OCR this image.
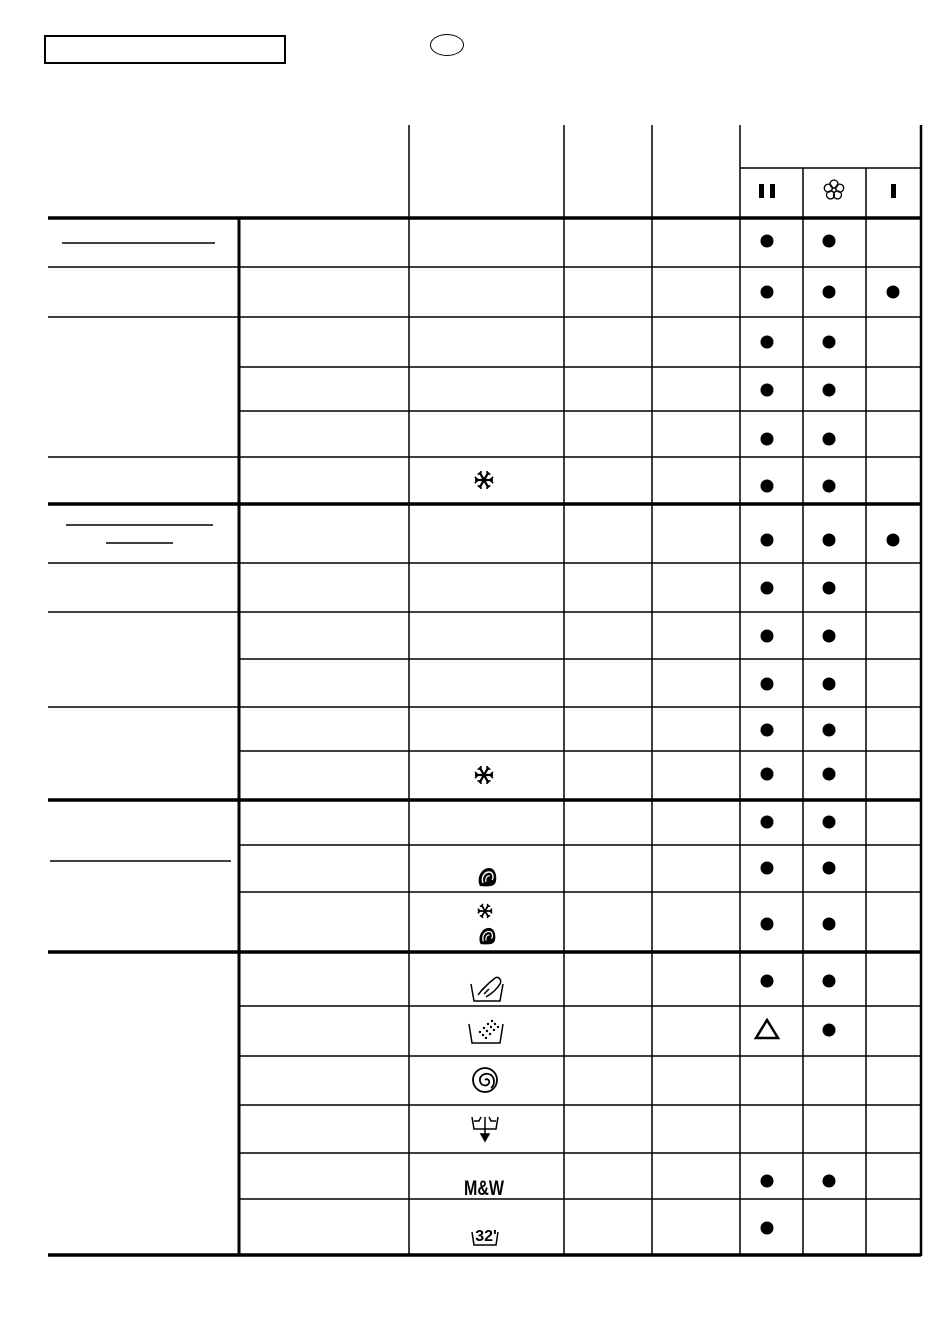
M&W
32'
